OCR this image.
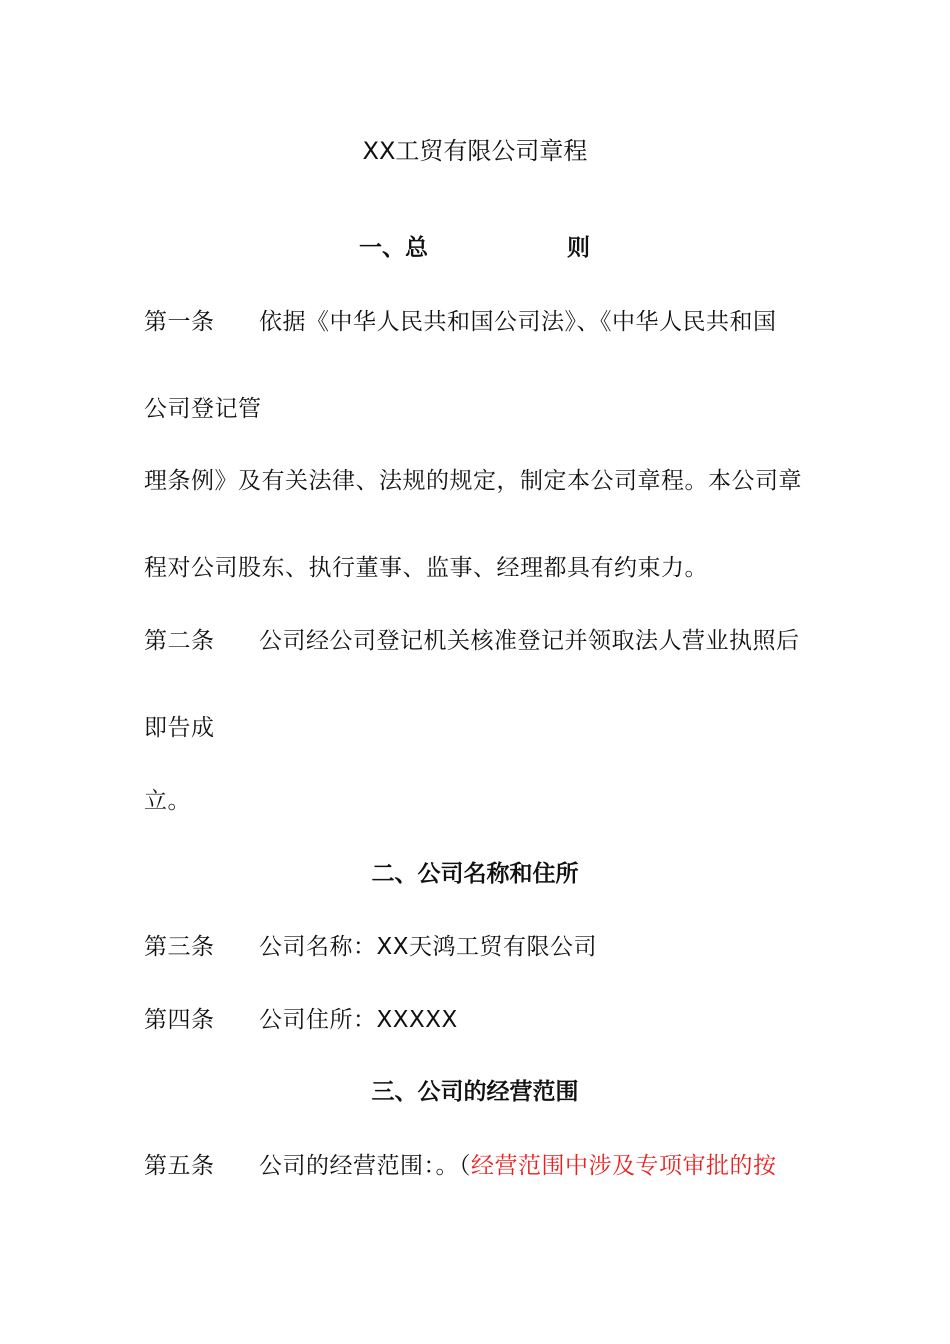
XX工贸有限公司章程
一、总	则
第一条 依据《中华人民共和国公司法》、《中华人民共和国
公司登记管
理条例》及有关法律、法规的规定，制定本公司章程。本公司章
程对公司股东、执行董事、监事、经理都具有约束力。
第二条 公司经公司登记机关核准登记并领取法人营业执照后
即告成
立。
二、公司名称和住所
第三条 公司名称：XX天鸿工贸有限公司
第四条 公司住所：XXXXX
三、公司的经营范围
第五条 公司的经营范围：。（经营范围中涉及专项审批的按
